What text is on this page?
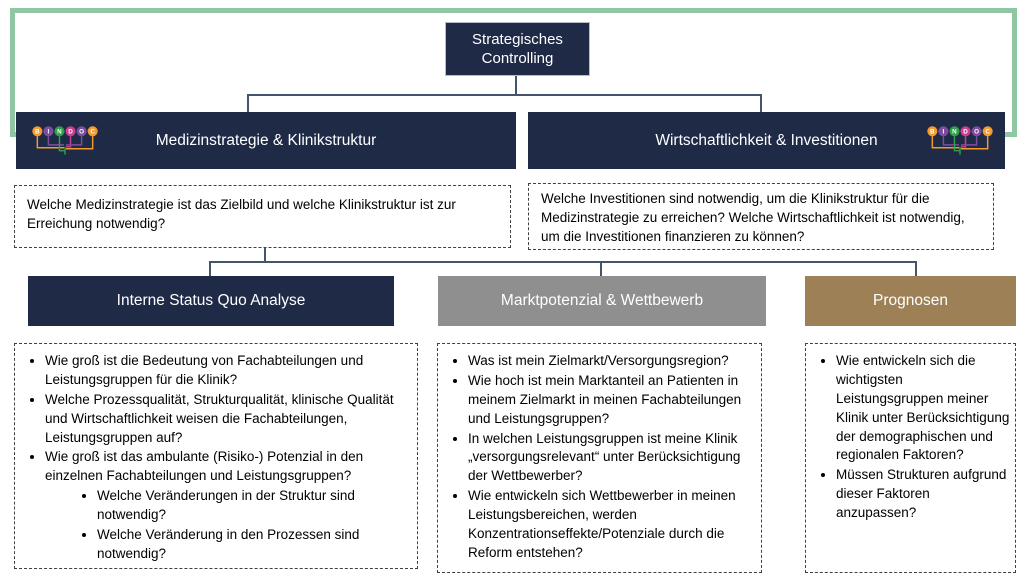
Strategisches Controlling
B I N D O C	Medizinstrategie & Klinikstruktur	Wirtschaftlichkeit & Investitionen	B I N D O C
Welche Medizinstrategie ist das Zielbild und welche Klinikstruktur ist zur Erreichung notwendig?
Welche Investitionen sind notwendig, um die Klinikstruktur für die Medizinstrategie zu erreichen? Welche Wirtschaftlichkeit ist notwendig, um die Investitionen finanzieren zu können?
Interne Status Quo Analyse	Marktpotenzial & Wettbewerb	Prognosen
• Wie groß ist die Bedeutung von Fachabteilungen und Leistungsgruppen für die Klinik?
• Welche Prozessqualität, Strukturqualität, klinische Qualität und Wirtschaftlichkeit weisen die Fachabteilungen, Leistungsgruppen auf?
• Wie groß ist das ambulante (Risiko-) Potenzial in den einzelnen Fachabteilungen und Leistungsgruppen?
• Welche Veränderungen in der Struktur sind notwendig?
• Welche Veränderung in den Prozessen sind notwendig?
• Was ist mein Zielmarkt/Versorgungsregion?
• Wie hoch ist mein Marktanteil an Patienten in meinem Zielmarkt in meinen Fachabteilungen und Leistungsgruppen?
• In welchen Leistungsgruppen ist meine Klinik „versorgungsrelevant“ unter Berücksichtigung der Wettbewerber?
• Wie entwickeln sich Wettbewerber in meinen Leistungsbereichen, werden Konzentrationseffekte/Potenziale durch die Reform entstehen?
• Wie entwickeln sich die wichtigsten Leistungsgruppen meiner Klinik unter Berücksichtigung der demographischen und regionalen Faktoren?
• Müssen Strukturen aufgrund dieser Faktoren anzupassen?
